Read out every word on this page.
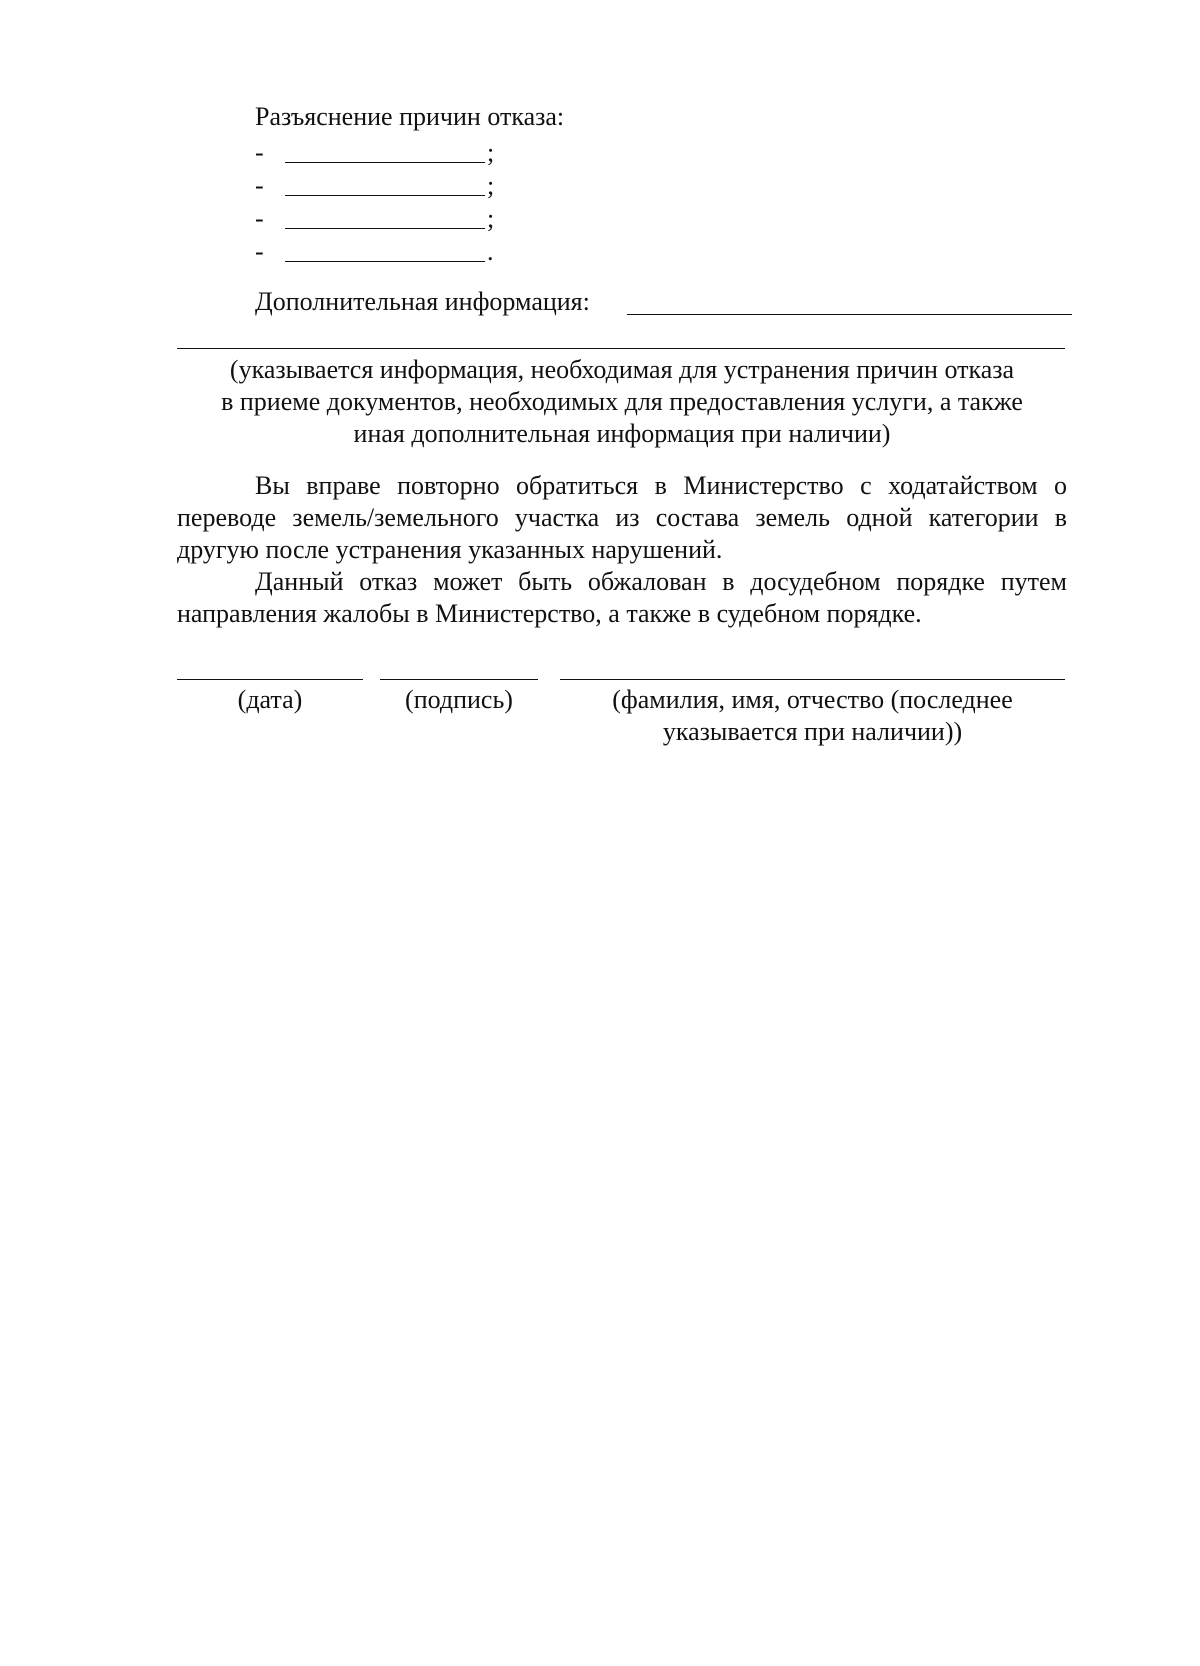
Разъяснение причин отказа:
-	;
-	;
-	;
-	.
Дополнительная информация:
(указывается информация, необходимая для устранения причин отказа
в приеме документов, необходимых для предоставления услуги, а также
иная дополнительная информация при наличии)
Вы вправе повторно обратиться в Министерство с ходатайством о переводе земель/земельного участка из состава земель одной категории в другую после устранения указанных нарушений.
Данный отказ может быть обжалован в досудебном порядке путем направления жалобы в Министерство, а также в судебном порядке.
(дата)	(подпись)	(фамилия, имя, отчество (последнее
указывается при наличии))
